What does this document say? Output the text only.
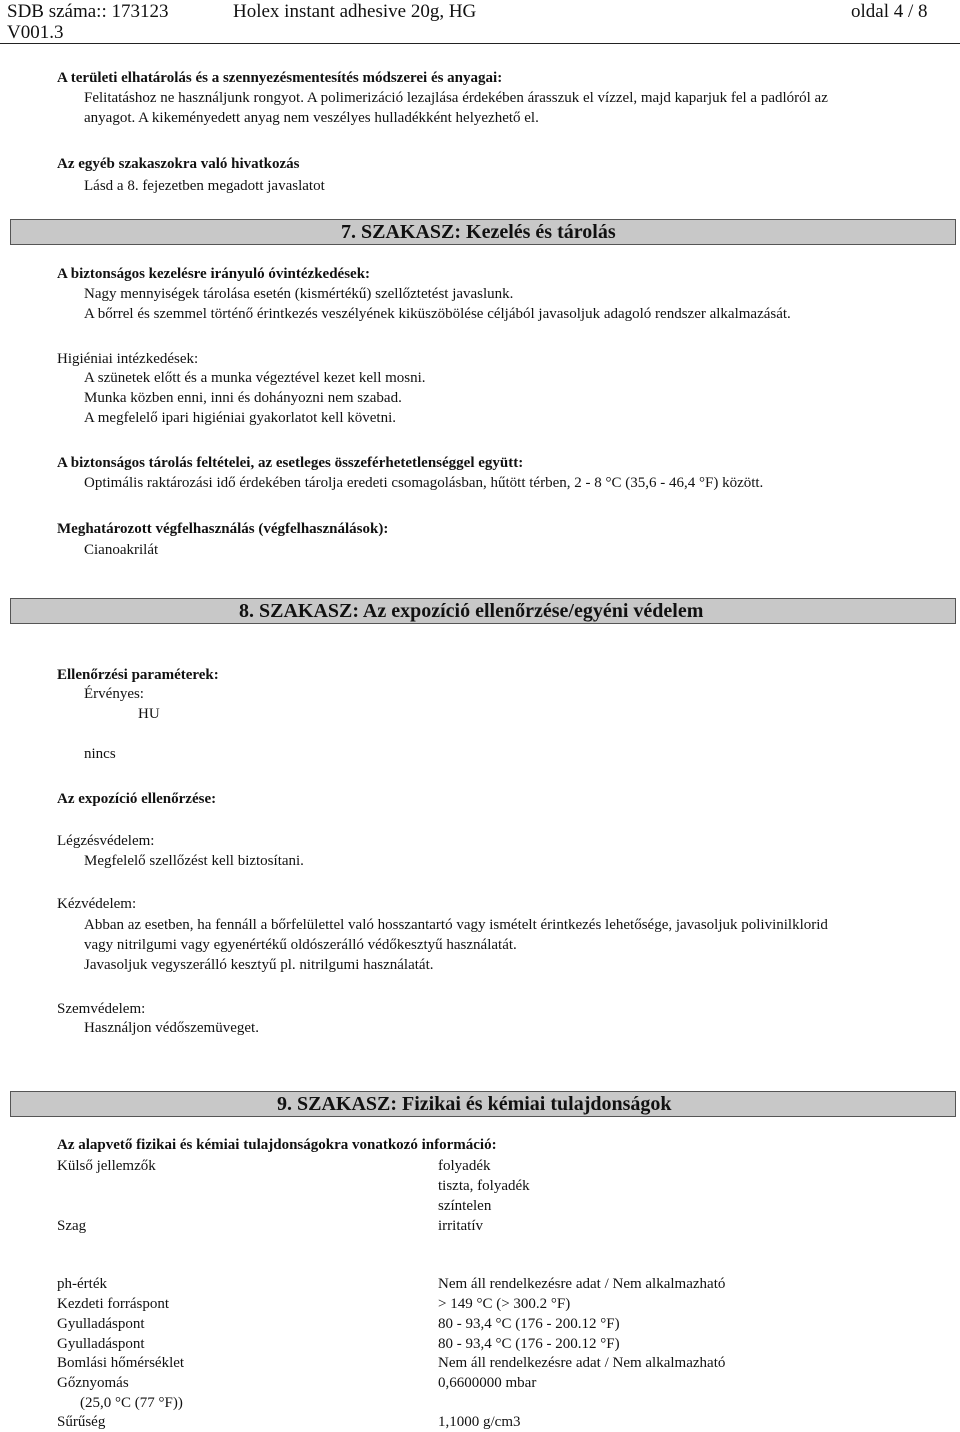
SDB száma:: 173123
V001.3
Holex instant adhesive 20g, HG	oldal 4 / 8
A területi elhatárolás és a szennyezésmentesítés módszerei és anyagai:
Felitatáshoz ne használjunk rongyot. A polimerizáció lezajlása érdekében árasszuk el vízzel, majd kaparjuk fel a padlóról az
anyagot. A kikeményedett anyag nem veszélyes hulladékként helyezhető el.
Az egyéb szakaszokra való hivatkozás
Lásd a 8. fejezetben megadott javaslatot
7. SZAKASZ: Kezelés és tárolás
A biztonságos kezelésre irányuló óvintézkedések:
Nagy mennyiségek tárolása esetén (kismértékű) szellőztetést javaslunk.
A bőrrel és szemmel történő érintkezés veszélyének kiküszöbölése céljából javasoljuk adagoló rendszer alkalmazását.
Higiéniai intézkedések:
A szünetek előtt és a munka végeztével kezet kell mosni.
Munka közben enni, inni és dohányozni nem szabad.
A megfelelő ipari higiéniai gyakorlatot kell követni.
A biztonságos tárolás feltételei, az esetleges összeférhetetlenséggel együtt:
Optimális raktározási idő érdekében tárolja eredeti csomagolásban, hűtött térben, 2 - 8 °C (35,6 - 46,4 °F) között.
Meghatározott végfelhasználás (végfelhasználások):
Cianoakrilát
8. SZAKASZ: Az expozíció ellenőrzése/egyéni védelem
Ellenőrzési paraméterek:
Érvényes:
HU
nincs
Az expozíció ellenőrzése:
Légzésvédelem:
Megfelelő szellőzést kell biztosítani.
Kézvédelem:
Abban az esetben, ha fennáll a bőrfelülettel való hosszantartó vagy ismételt érintkezés lehetősége, javasoljuk polivinilklorid
vagy nitrilgumi vagy egyenértékű oldószerálló védőkesztyű használatát.
Javasoljuk vegyszerálló kesztyű pl. nitrilgumi használatát.
Szemvédelem:
Használjon védőszemüveget.
9. SZAKASZ: Fizikai és kémiai tulajdonságok
Az alapvető fizikai és kémiai tulajdonságokra vonatkozó információ:
Külső jellemzők	folyadék
tiszta, folyadék
színtelen
Szag	irritatív
ph-érték	Nem áll rendelkezésre adat / Nem alkalmazható
Kezdeti forráspont	> 149 °C (> 300.2 °F)
Gyulladáspont	80 - 93,4 °C (176 - 200.12 °F)
Gyulladáspont	80 - 93,4 °C (176 - 200.12 °F)
Bomlási hőmérséklet	Nem áll rendelkezésre adat / Nem alkalmazható
Gőznyomás	0,6600000 mbar
(25,0 °C (77 °F))
Sűrűség	1,1000 g/cm3
